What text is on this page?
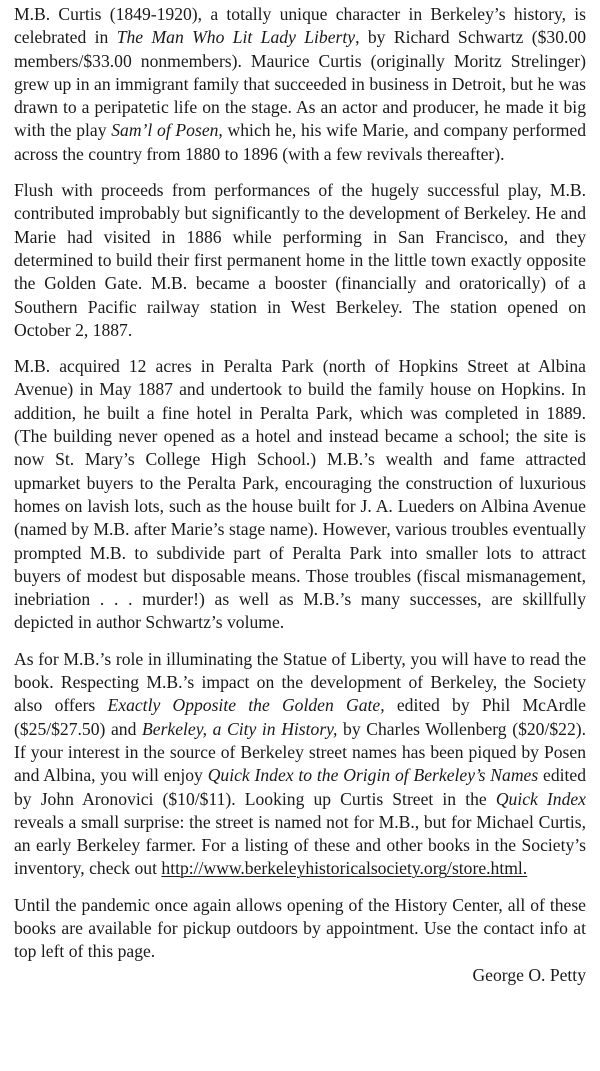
M.B. Curtis (1849-1920), a totally unique character in Berkeley’s history, is celebrated in The Man Who Lit Lady Liberty, by Richard Schwartz ($30.00 members/$33.00 nonmembers). Maurice Curtis (originally Moritz Strelinger) grew up in an immigrant family that succeeded in business in Detroit, but he was drawn to a peripatetic life on the stage. As an actor and producer, he made it big with the play Sam’l of Posen, which he, his wife Marie, and company performed across the country from 1880 to 1896 (with a few revivals thereafter).

Flush with proceeds from performances of the hugely successful play, M.B. contributed improbably but significantly to the development of Berkeley. He and Marie had visited in 1886 while performing in San Francisco, and they determined to build their first permanent home in the little town exactly opposite the Golden Gate. M.B. became a booster (financially and oratorically) of a Southern Pacific railway station in West Berkeley. The station opened on October 2, 1887.

M.B. acquired 12 acres in Peralta Park (north of Hopkins Street at Albina Avenue) in May 1887 and undertook to build the family house on Hopkins. In addition, he built a fine hotel in Peralta Park, which was completed in 1889. (The building never opened as a hotel and instead became a school; the site is now St. Mary’s College High School.) M.B.’s wealth and fame attracted upmarket buyers to the Peralta Park, encouraging the construction of luxurious homes on lavish lots, such as the house built for J. A. Lueders on Albina Avenue (named by M.B. after Marie’s stage name). However, various troubles eventually prompted M.B. to subdivide part of Peralta Park into smaller lots to attract buyers of modest but disposable means. Those troubles (fiscal mismanagement, inebriation . . . murder!) as well as M.B.’s many successes, are skillfully depicted in author Schwartz’s volume.

As for M.B.’s role in illuminating the Statue of Liberty, you will have to read the book. Respecting M.B.’s impact on the development of Berkeley, the Society also offers Exactly Opposite the Golden Gate, edited by Phil McArdle ($25/$27.50) and Berkeley, a City in History, by Charles Wollenberg ($20/$22). If your interest in the source of Berkeley street names has been piqued by Posen and Albina, you will enjoy Quick Index to the Origin of Berkeley’s Names edited by John Aronovici ($10/$11). Looking up Curtis Street in the Quick Index reveals a small surprise: the street is named not for M.B., but for Michael Curtis, an early Berkeley farmer. For a listing of these and other books in the Society’s inventory, check out http://www.berkeleyhistoricalsociety.org/store.html.

Until the pandemic once again allows opening of the History Center, all of these books are available for pickup outdoors by appointment. Use the contact info at top left of this page.

George O. Petty
